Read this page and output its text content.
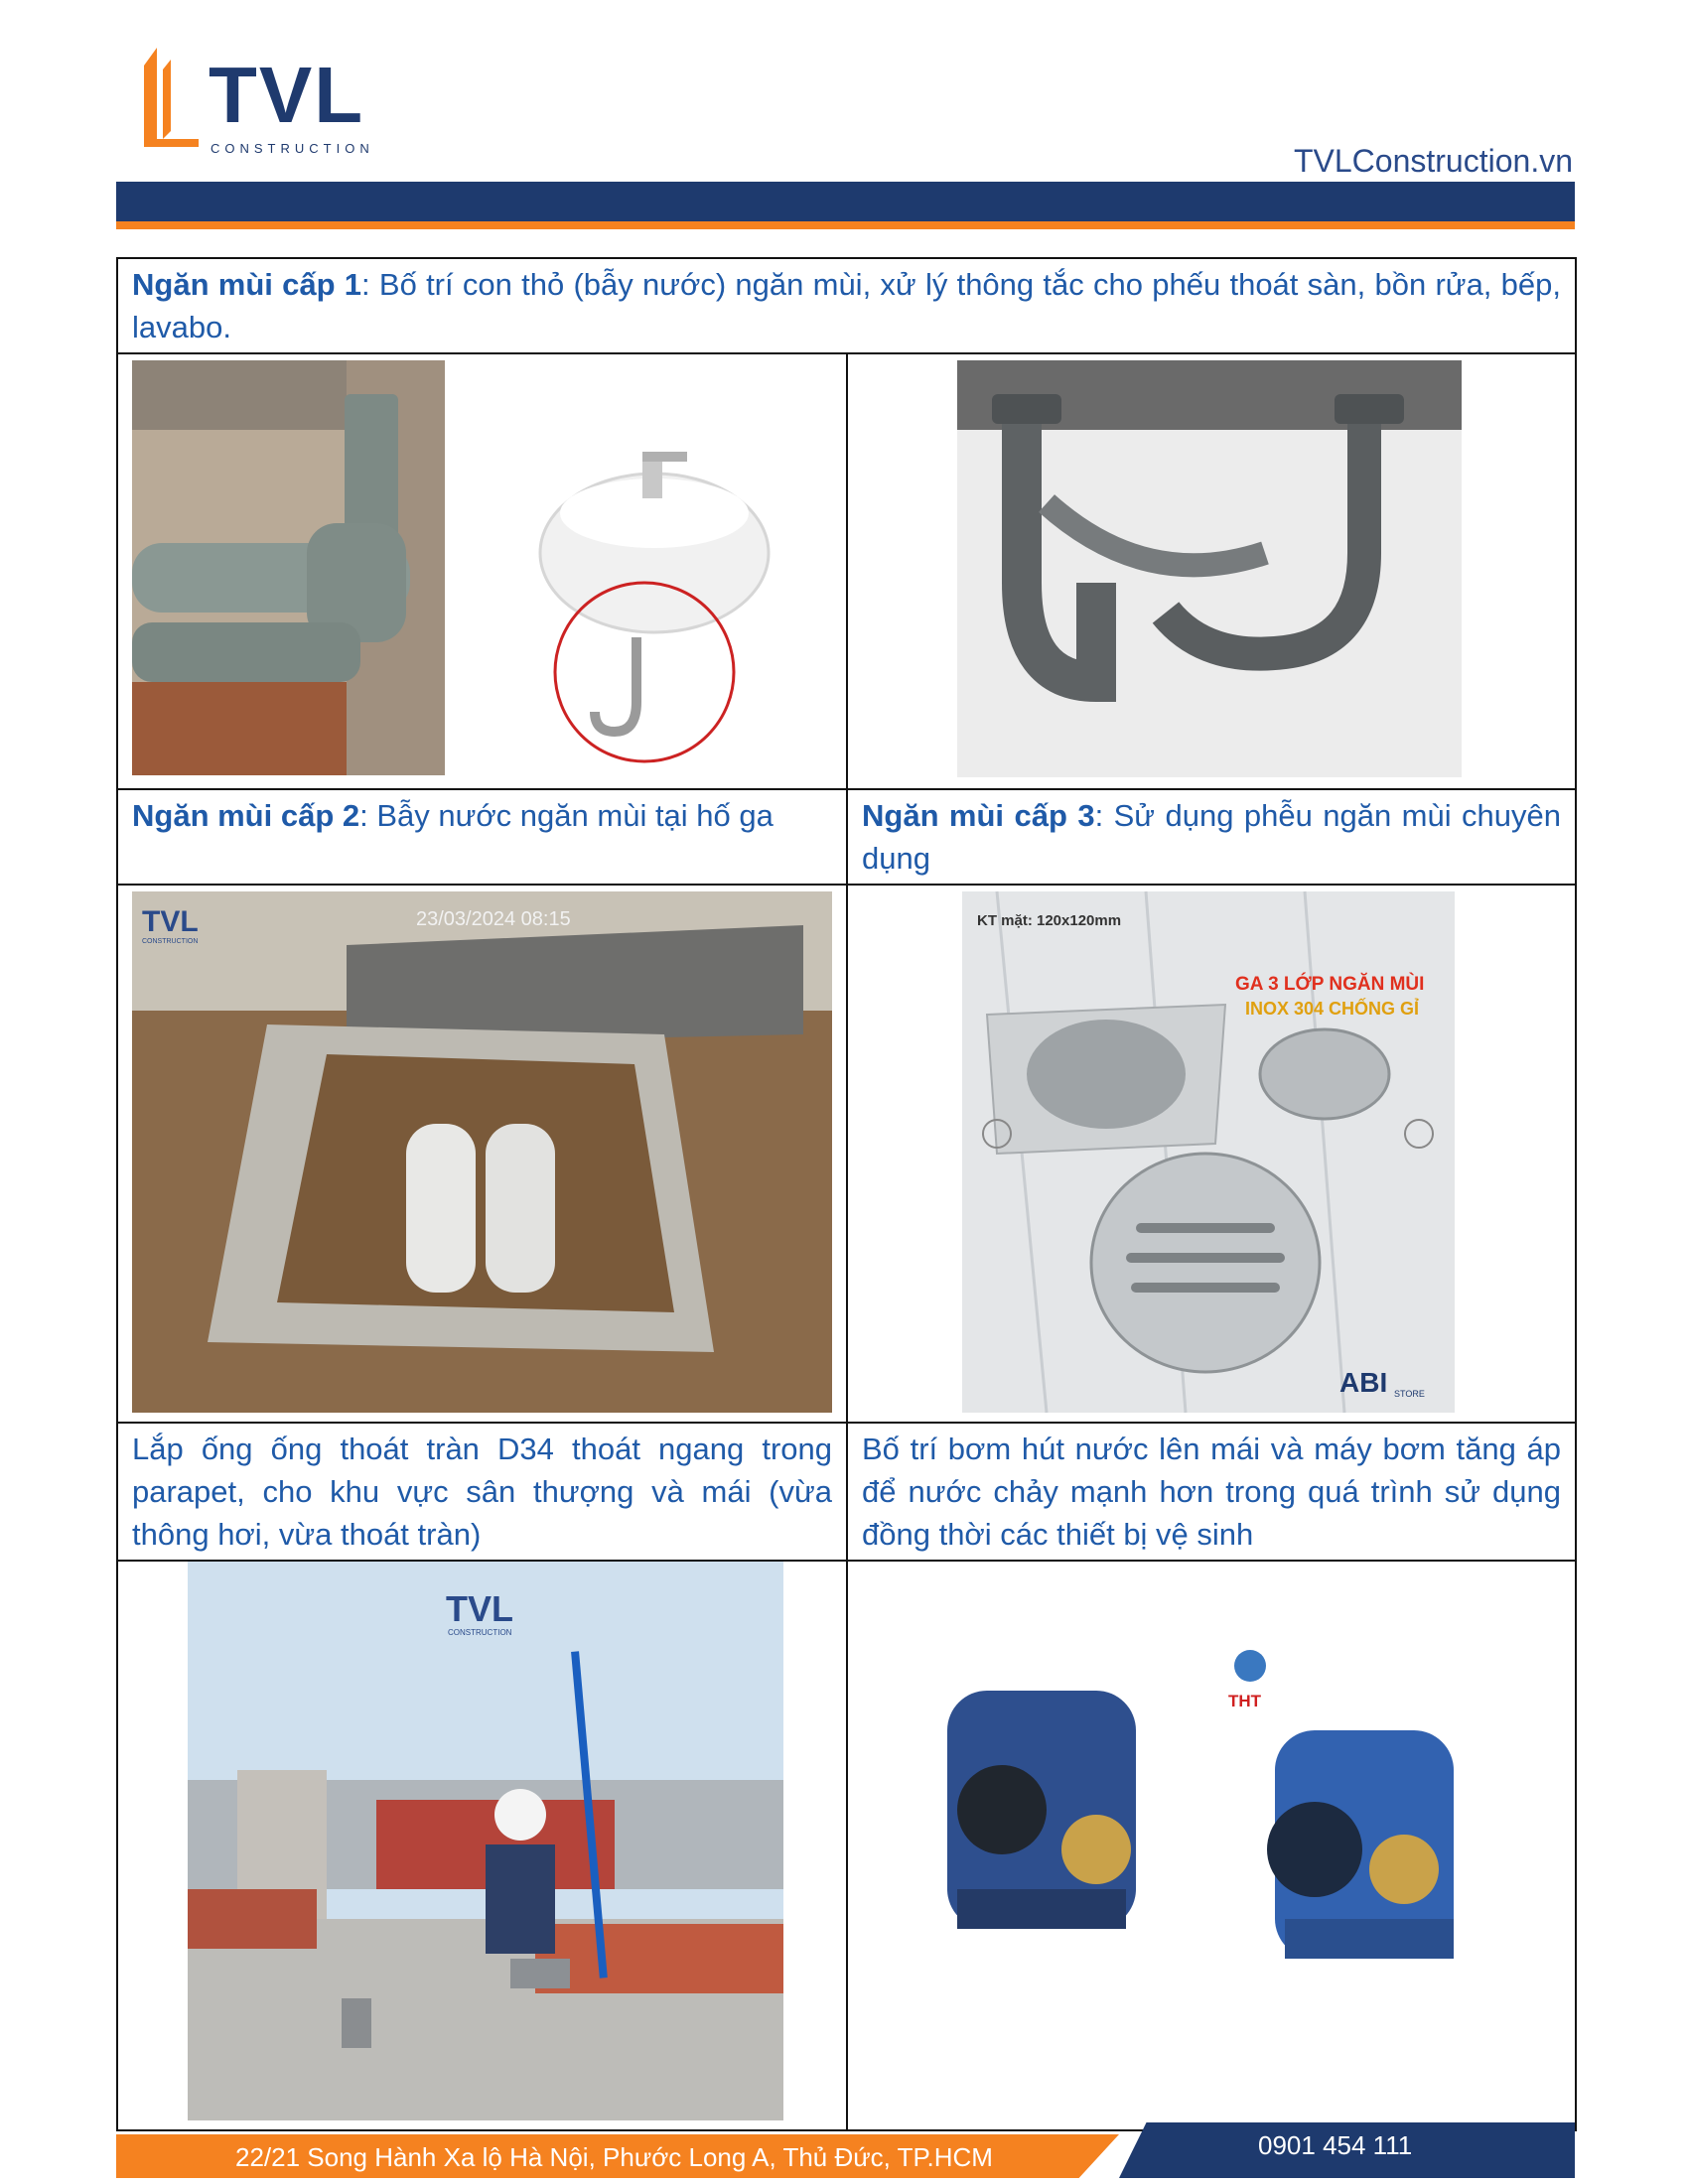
TVL
CONSTRUCTION	TVLConstruction.vn
Ngăn mùi cấp 1: Bố trí con thỏ (bẫy nước) ngăn mùi, xử lý thông tắc cho phếu thoát sàn, bồn rửa, bếp, lavabo.	

Ngăn mùi cấp 2: Bẫy nước ngăn mùi tại hố ga	Ngăn mùi cấp 3: Sử dụng phễu ngăn mùi chuyên dụng

TVL
CONSTRUCTION
23/03/2024 08:15	KT mặt: 120x120mm
GA 3 LỚP NGĂN MÙI
INOX 304 CHỐNG GỈ
ABI STORE

Lắp ống ống thoát tràn D34 thoát ngang trong parapet, cho khu vực sân thượng và mái (vừa thông hơi, vừa thoát tràn)	Bố trí bơm hút nước lên mái và máy bơm tăng áp để nước chảy mạnh hơn trong quá trình sử dụng đồng thời các thiết bị vệ sinh

TVL
CONSTRUCTION	THT
22/21 Song Hành Xa lộ Hà Nội, Phước Long A, Thủ Đức, TP.HCM	0901 454 111
